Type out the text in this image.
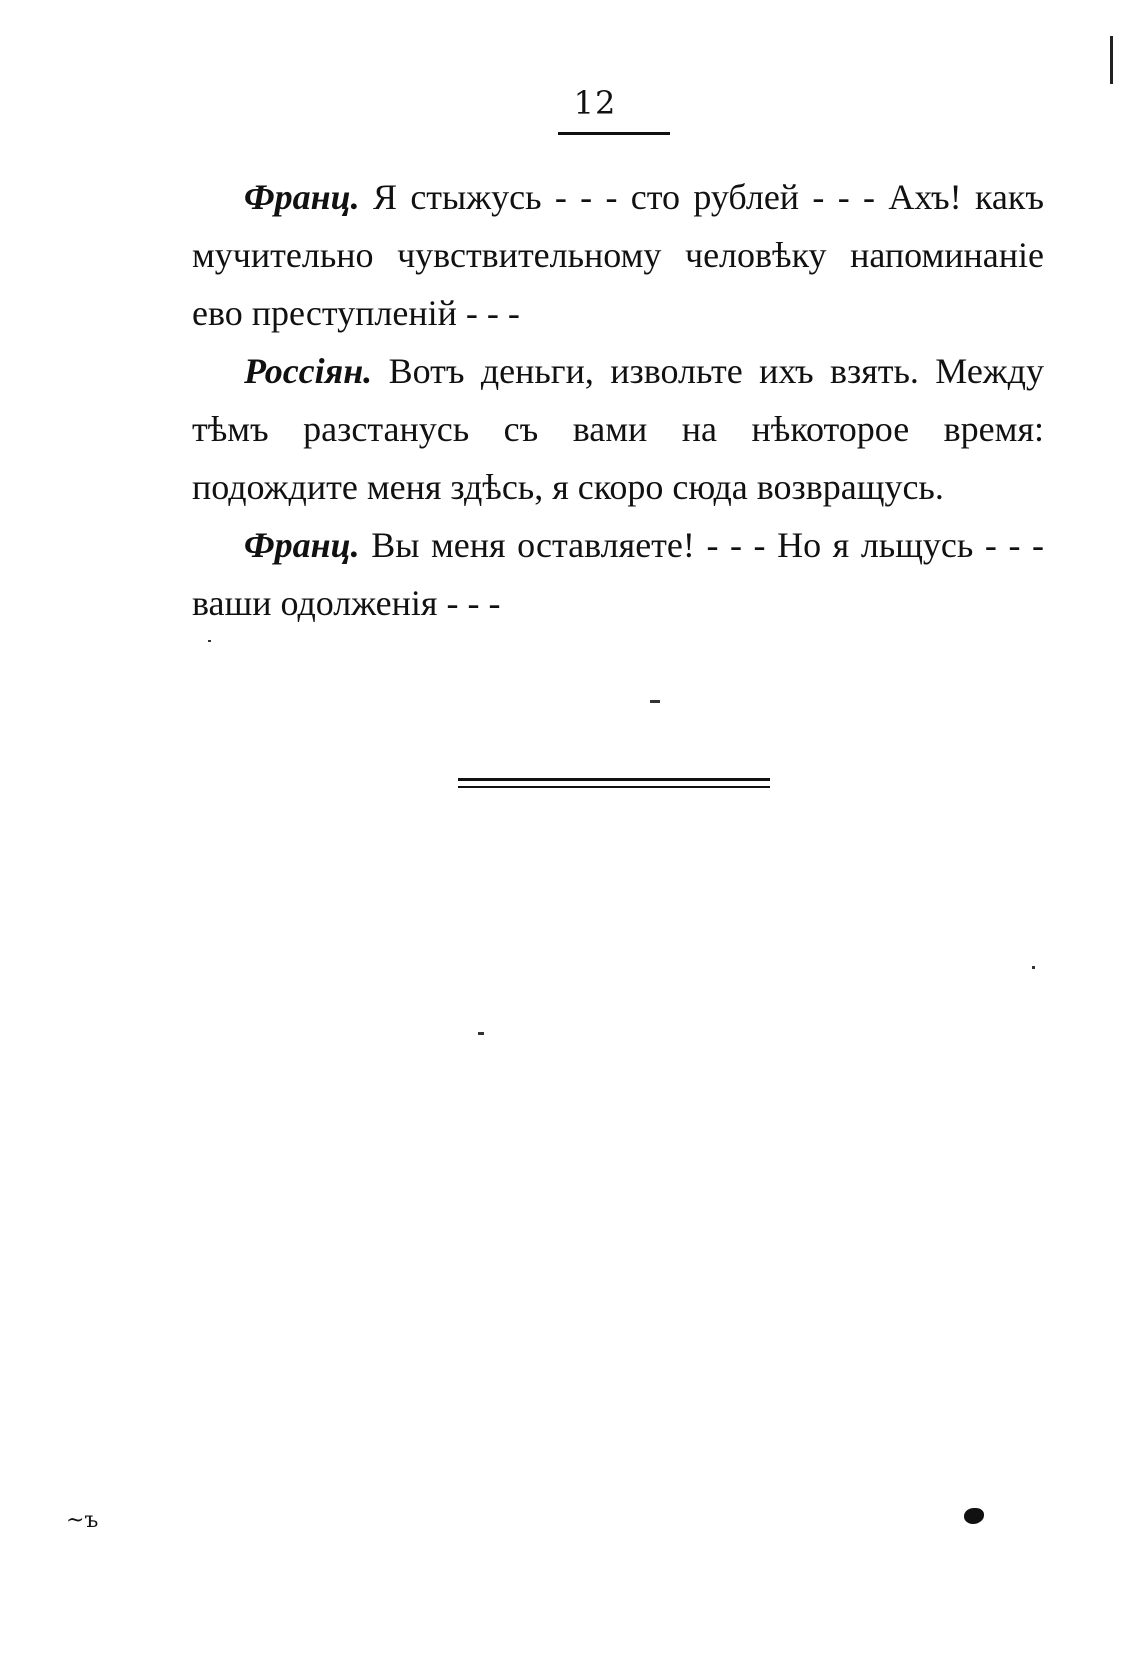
12

Франц. Я стыжусь - - - сто рублей - - - Ахъ! какъ мучительно чувствительному человѣку напоминаніе ево преступленій - - -

Россіян. Вотъ деньги, извольте ихъ взять. Между тѣмъ разстанусь съ вами на нѣкоторое время: подождите меня здѣсь, я скоро сюда возвращусь.

Франц. Вы меня оставляете! - - - Но я льщусь - - - ваши одолженія - - -

~ъ
